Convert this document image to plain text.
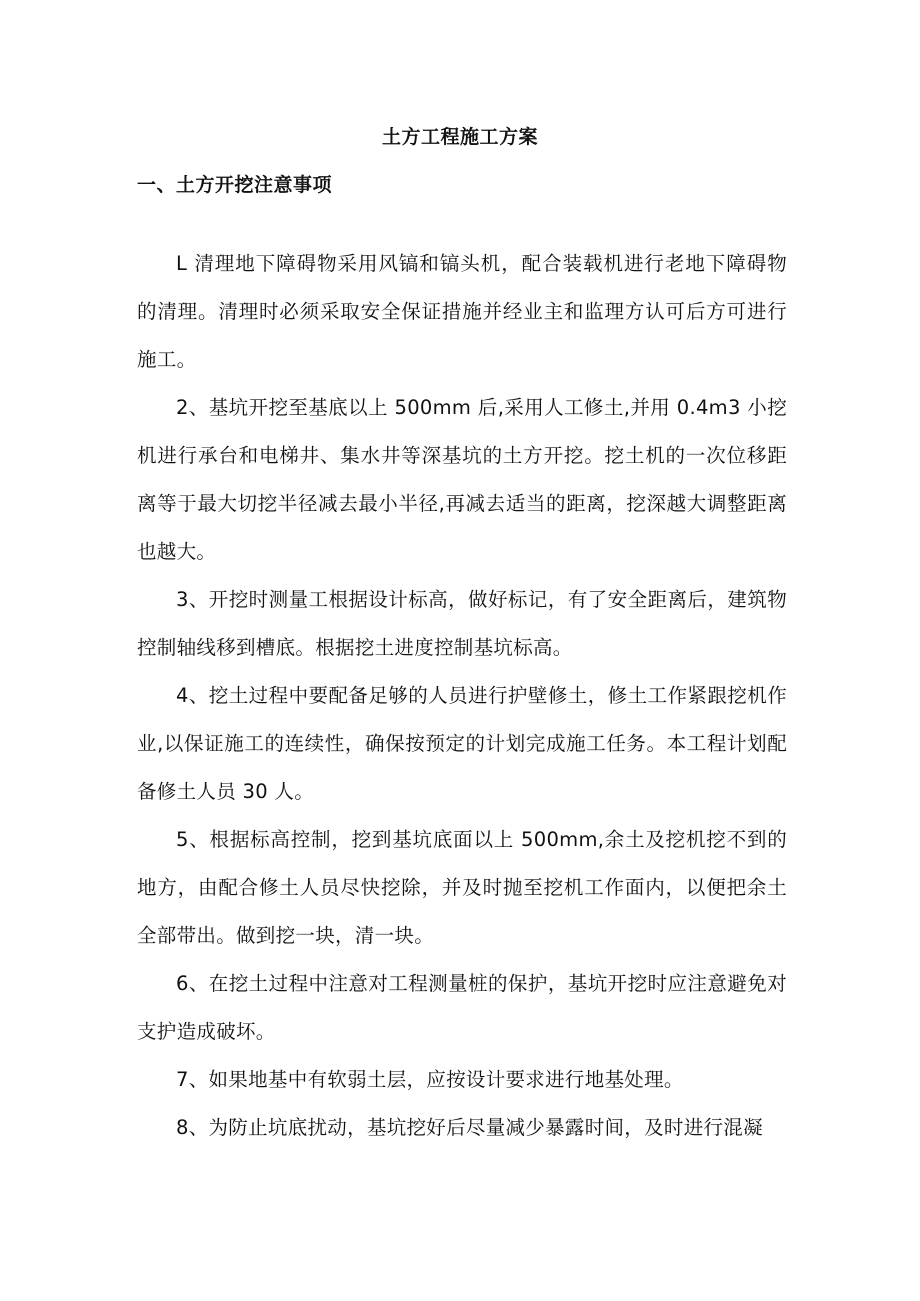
土方工程施工方案
一、土方开挖注意事项

L 清理地下障碍物采用风镐和镐头机，配合装载机进行老地下障碍物的清理。清理时必须采取安全保证措施并经业主和监理方认可后方可进行施工。

2、基坑开挖至基底以上 500mm 后,采用人工修土,并用 0.4m3 小挖机进行承台和电梯井、集水井等深基坑的土方开挖。挖土机的一次位移距离等于最大切挖半径减去最小半径,再减去适当的距离，挖深越大调整距离也越大。

3、开挖时测量工根据设计标高，做好标记，有了安全距离后，建筑物控制轴线移到槽底。根据挖土进度控制基坑标高。

4、挖土过程中要配备足够的人员进行护壁修土，修土工作紧跟挖机作业,以保证施工的连续性，确保按预定的计划完成施工任务。本工程计划配备修土人员 30 人。

5、根据标高控制，挖到基坑底面以上 500mm,余土及挖机挖不到的地方，由配合修土人员尽快挖除，并及时抛至挖机工作面内，以便把余土全部带出。做到挖一块，清一块。

6、在挖土过程中注意对工程测量桩的保护，基坑开挖时应注意避免对支护造成破坏。

7、如果地基中有软弱土层，应按设计要求进行地基处理。

8、为防止坑底扰动，基坑挖好后尽量减少暴露时间，及时进行混凝
